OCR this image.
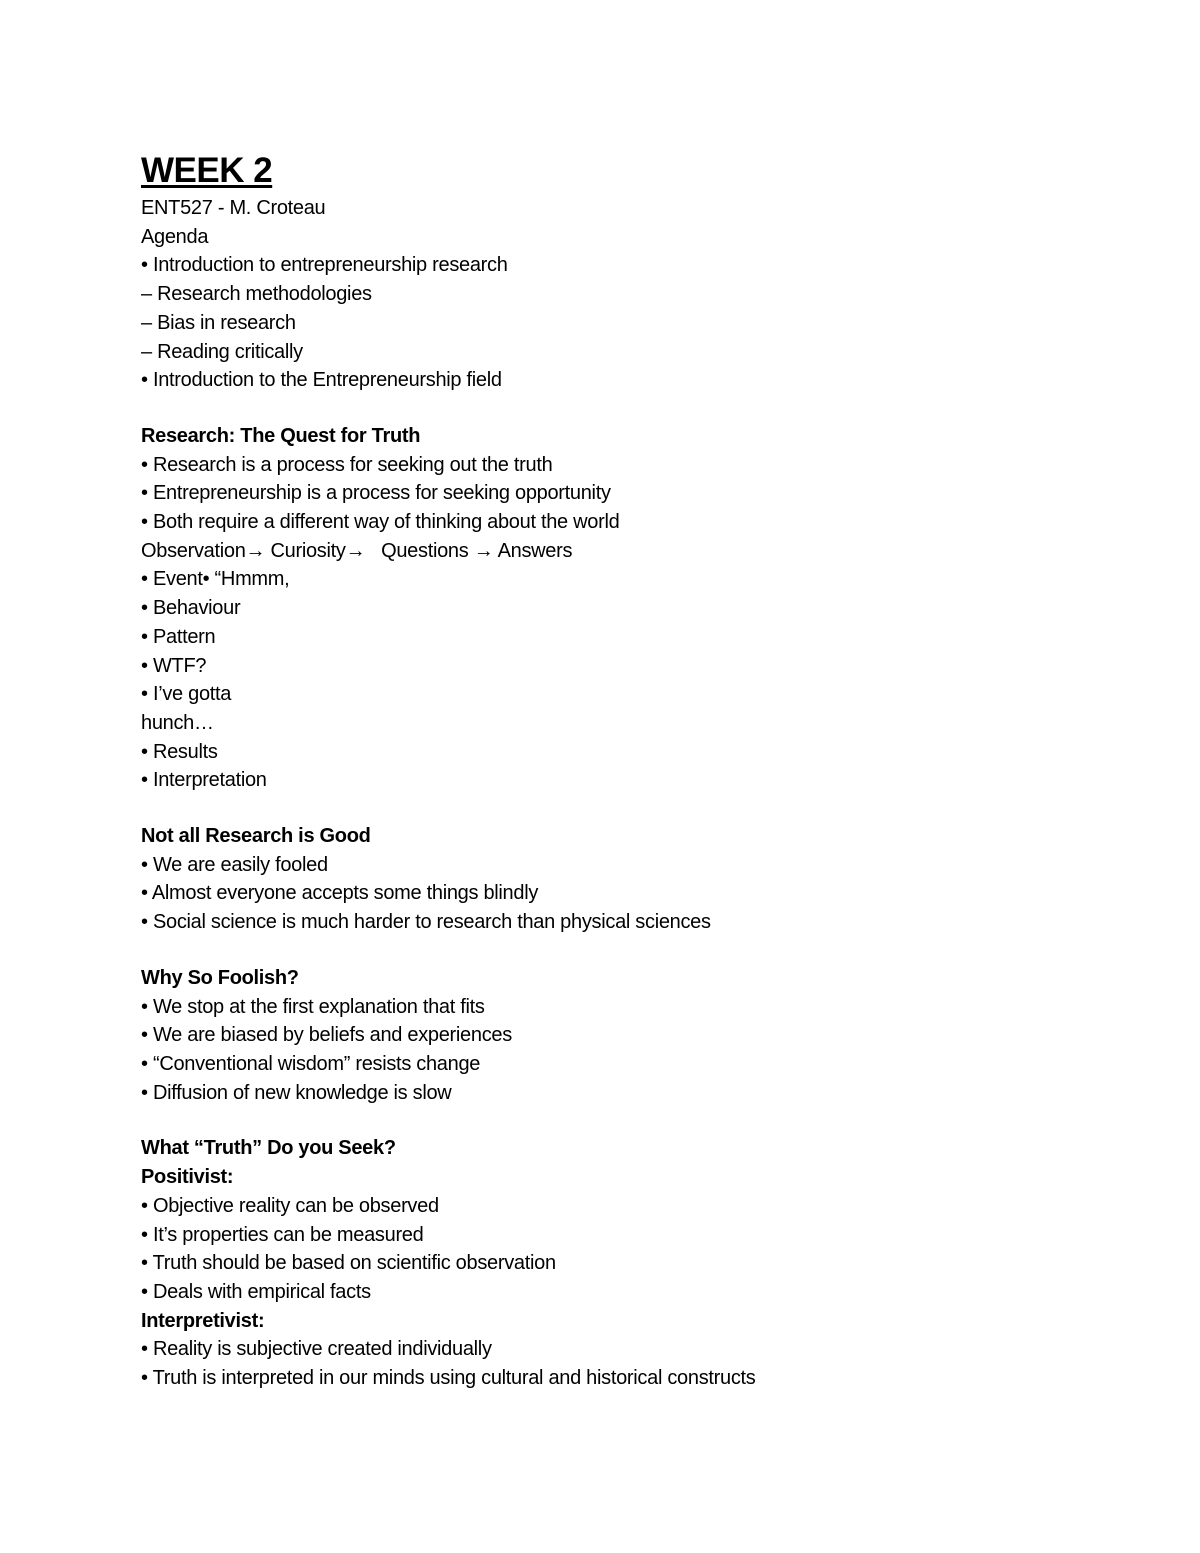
WEEK 2
ENT527 - M. Croteau
Agenda
• Introduction to entrepreneurship research
– Research methodologies
– Bias in research
– Reading critically
• Introduction to the Entrepreneurship field
Research: The Quest for Truth
• Research is a process for seeking out the truth
• Entrepreneurship is a process for seeking opportunity
• Both require a different way of thinking about the world
Observation→ Curiosity→ Questions → Answers
• Event• “Hmmm,
• Behaviour
• Pattern
• WTF?
• I’ve gotta
hunch…
• Results
• Interpretation
Not all Research is Good
• We are easily fooled
• Almost everyone accepts some things blindly
• Social science is much harder to research than physical sciences
Why So Foolish?
• We stop at the first explanation that fits
• We are biased by beliefs and experiences
• “Conventional wisdom” resists change
• Diffusion of new knowledge is slow
What “Truth” Do you Seek?
Positivist:
• Objective reality can be observed
• It’s properties can be measured
• Truth should be based on scientific observation
• Deals with empirical facts
Interpretivist:
• Reality is subjective created individually
• Truth is interpreted in our minds using cultural and historical constructs
